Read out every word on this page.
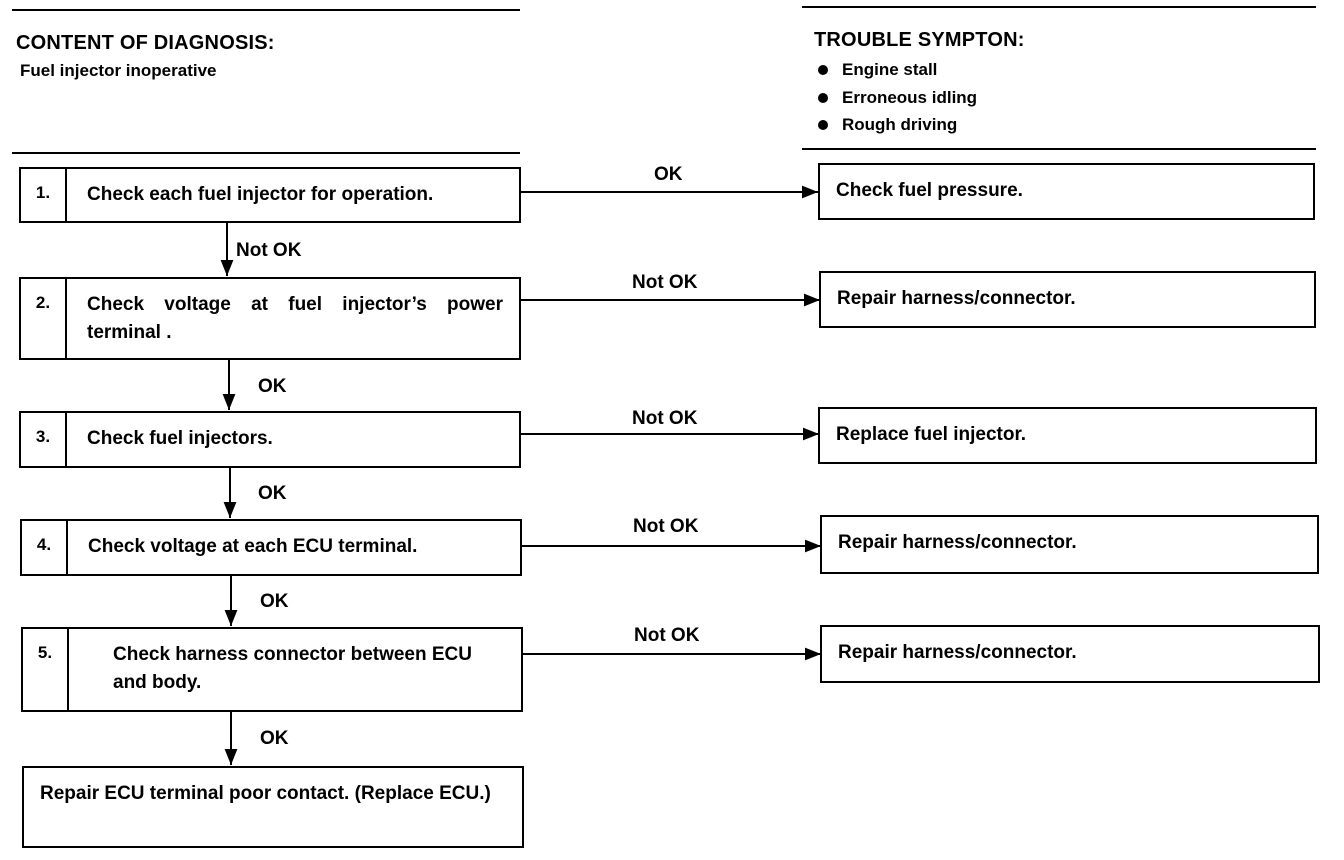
CONTENT OF DIAGNOSIS:
Fuel injector inoperative
TROUBLE SYMPTON:
Engine stall
Erroneous idling
Rough driving
1.	Check each fuel injector for operation.
2.	Check voltage at fuel injector’s power terminal .
3.	Check fuel injectors.
4.	Check voltage at each ECU terminal.
5.	Check harness connector between ECU and body.
Repair ECU terminal poor contact. (Replace ECU.)
Check fuel pressure.
Repair harness/connector.
Replace fuel injector.
Repair harness/connector.
Repair harness/connector.
OK
Not OK
Not OK
Not OK
Not OK
Not OK
OK
OK
OK
OK
